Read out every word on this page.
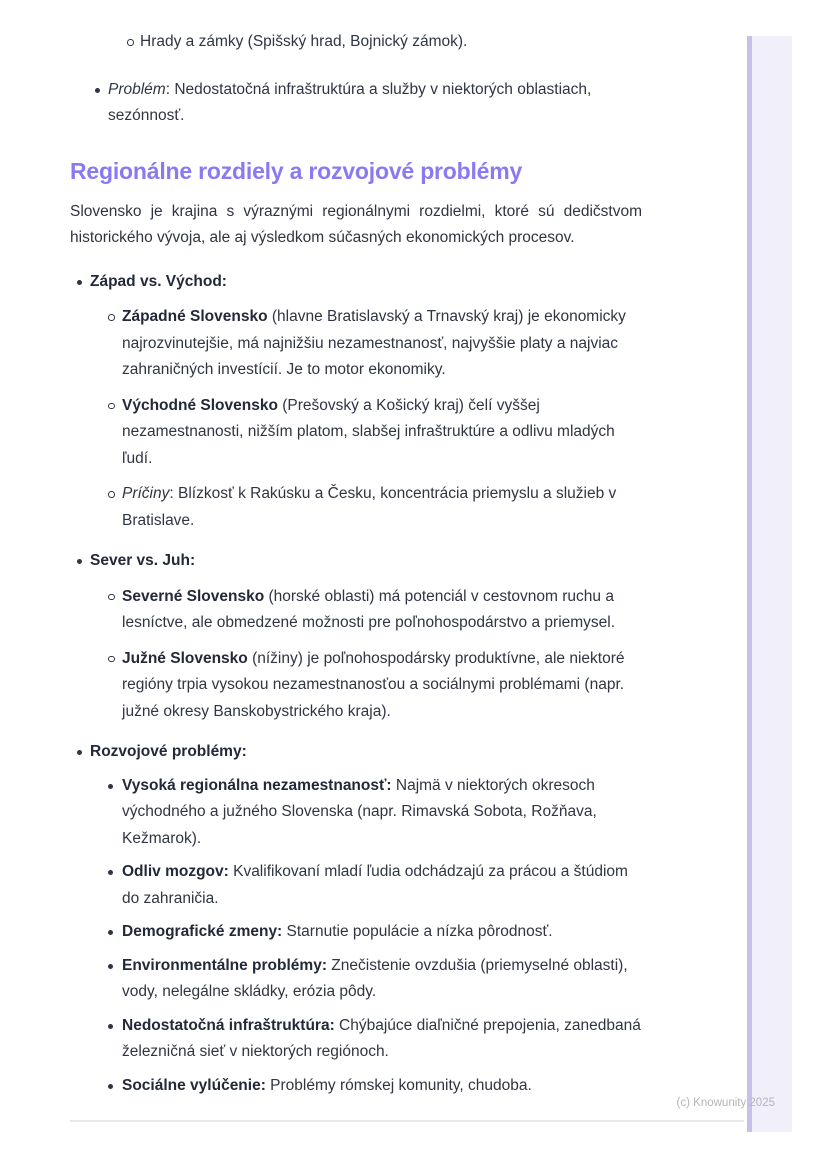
Hrady a zámky (Spišský hrad, Bojnický zámok).
Problém: Nedostatočná infraštruktúra a služby v niektorých oblastiach, sezónnosť.
Regionálne rozdiely a rozvojové problémy

Slovensko je krajina s výraznými regionálnymi rozdielmi, ktoré sú dedičstvom historického vývoja, ale aj výsledkom súčasných ekonomických procesov.

Západ vs. Východ:
Západné Slovensko (hlavne Bratislavský a Trnavský kraj) je ekonomicky najrozvinutejšie, má najnižšiu nezamestnanosť, najvyššie platy a najviac zahraničných investícií. Je to motor ekonomiky.
Východné Slovensko (Prešovský a Košický kraj) čelí vyššej nezamestnanosti, nižším platom, slabšej infraštruktúre a odlivu mladých ľudí.
Príčiny: Blízkosť k Rakúsku a Česku, koncentrácia priemyslu a služieb v Bratislave.
Sever vs. Juh:
Severné Slovensko (horské oblasti) má potenciál v cestovnom ruchu a lesníctve, ale obmedzené možnosti pre poľnohospodárstvo a priemysel.
Južné Slovensko (nížiny) je poľnohospodársky produktívne, ale niektoré regióny trpia vysokou nezamestnanosťou a sociálnymi problémami (napr. južné okresy Banskobystrického kraja).
Rozvojové problémy:
Vysoká regionálna nezamestnanosť: Najmä v niektorých okresoch východného a južného Slovenska (napr. Rimavská Sobota, Rožňava, Kežmarok).
Odliv mozgov: Kvalifikovaní mladí ľudia odchádzajú za prácou a štúdiom do zahraničia.
Demografické zmeny: Starnutie populácie a nízka pôrodnosť.
Environmentálne problémy: Znečistenie ovzdušia (priemyselné oblasti), vody, nelegálne skládky, erózia pôdy.
Nedostatočná infraštruktúra: Chýbajúce diaľničné prepojenia, zanedbaná železničná sieť v niektorých regiónoch.
Sociálne vylúčenie: Problémy rómskej komunity, chudoba.
(c) Knowunity 2025
